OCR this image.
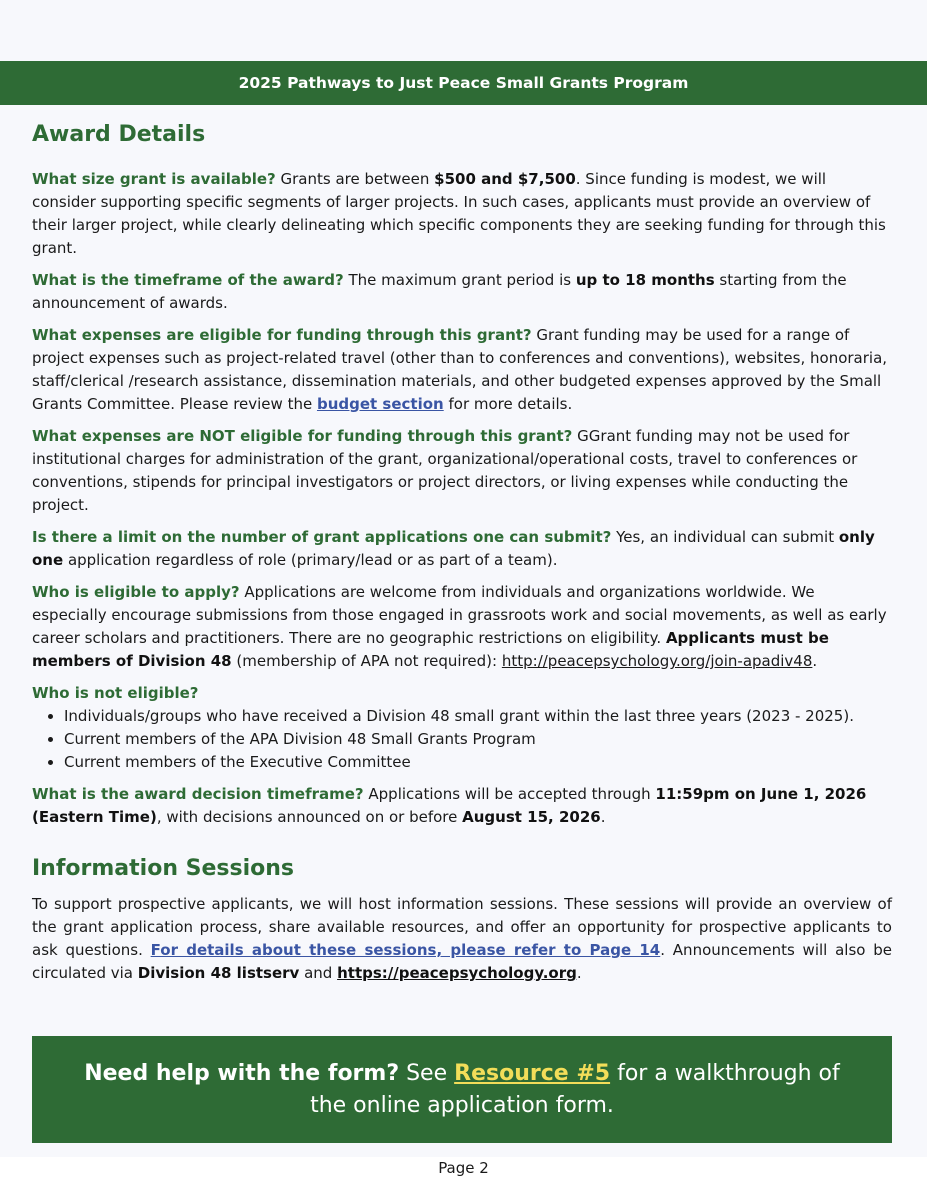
2025 Pathways to Just Peace Small Grants Program
Award Details

What size grant is available? Grants are between $500 and $7,500. Since funding is modest, we will consider supporting specific segments of larger projects. In such cases, applicants must provide an overview of their larger project, while clearly delineating which specific components they are seeking funding for through this grant.

What is the timeframe of the award? The maximum grant period is up to 18 months starting from the announcement of awards.

What expenses are eligible for funding through this grant? Grant funding may be used for a range of project expenses such as project-related travel (other than to conferences and conventions), websites, honoraria, staff/clerical /research assistance, dissemination materials, and other budgeted expenses approved by the Small Grants Committee. Please review the budget section for more details.

What expenses are NOT eligible for funding through this grant? GGrant funding may not be used for institutional charges for administration of the grant, organizational/operational costs, travel to conferences or conventions, stipends for principal investigators or project directors, or living expenses while conducting the project.

Is there a limit on the number of grant applications one can submit? Yes, an individual can submit only one application regardless of role (primary/lead or as part of a team).

Who is eligible to apply? Applications are welcome from individuals and organizations worldwide. We especially encourage submissions from those engaged in grassroots work and social movements, as well as early career scholars and practitioners. There are no geographic restrictions on eligibility. Applicants must be members of Division 48 (membership of APA not required): http://peacepsychology.org/join-apadiv48.

Who is not eligible?

• Individuals/groups who have received a Division 48 small grant within the last three years (2023 - 2025).
• Current members of the APA Division 48 Small Grants Program
• Current members of the Executive Committee

What is the award decision timeframe? Applications will be accepted through 11:59pm on June 1, 2026 (Eastern Time), with decisions announced on or before August 15, 2026.

Information Sessions

To support prospective applicants, we will host information sessions. These sessions will provide an overview of the grant application process, share available resources, and offer an opportunity for prospective applicants to ask questions. For details about these sessions, please refer to Page 14. Announcements will also be circulated via Division 48 listserv and https://peacepsychology.org.

Need help with the form? See Resource #5 for a walkthrough of the online application form.
Page 2
